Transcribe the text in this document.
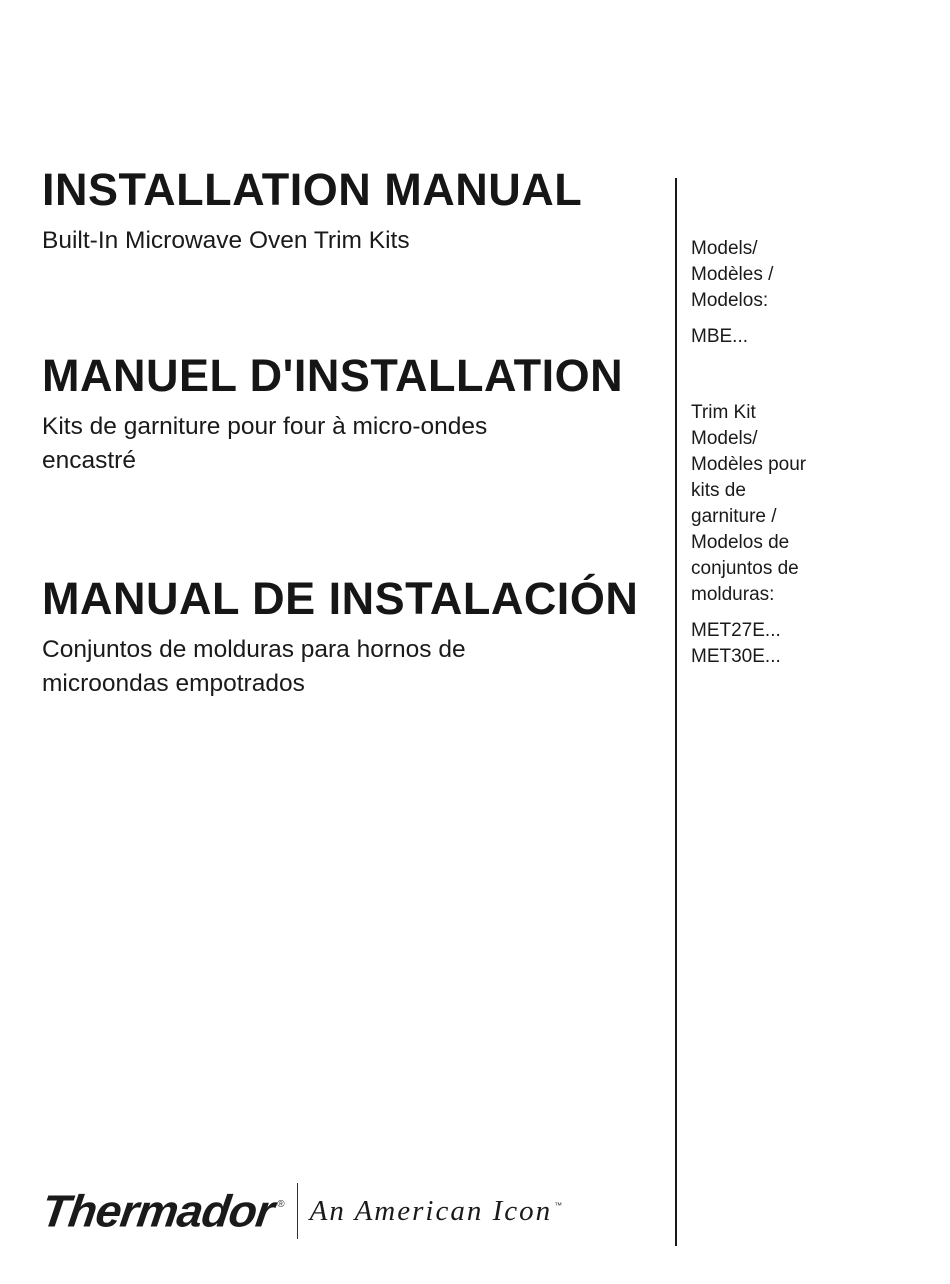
INSTALLATION MANUAL

Built-In Microwave Oven Trim Kits

MANUEL D'INSTALLATION

Kits de garniture pour four à micro-ondes
encastré

MANUAL DE INSTALACIÓN

Conjuntos de molduras para hornos de
microondas empotrados

Models/
Modèles /
Modelos:
MBE...
Trim Kit
Models/
Modèles pour
kits de
garniture /
Modelos de
conjuntos de
molduras:
MET27E...
MET30E...
Thermador ® An American Icon ™
